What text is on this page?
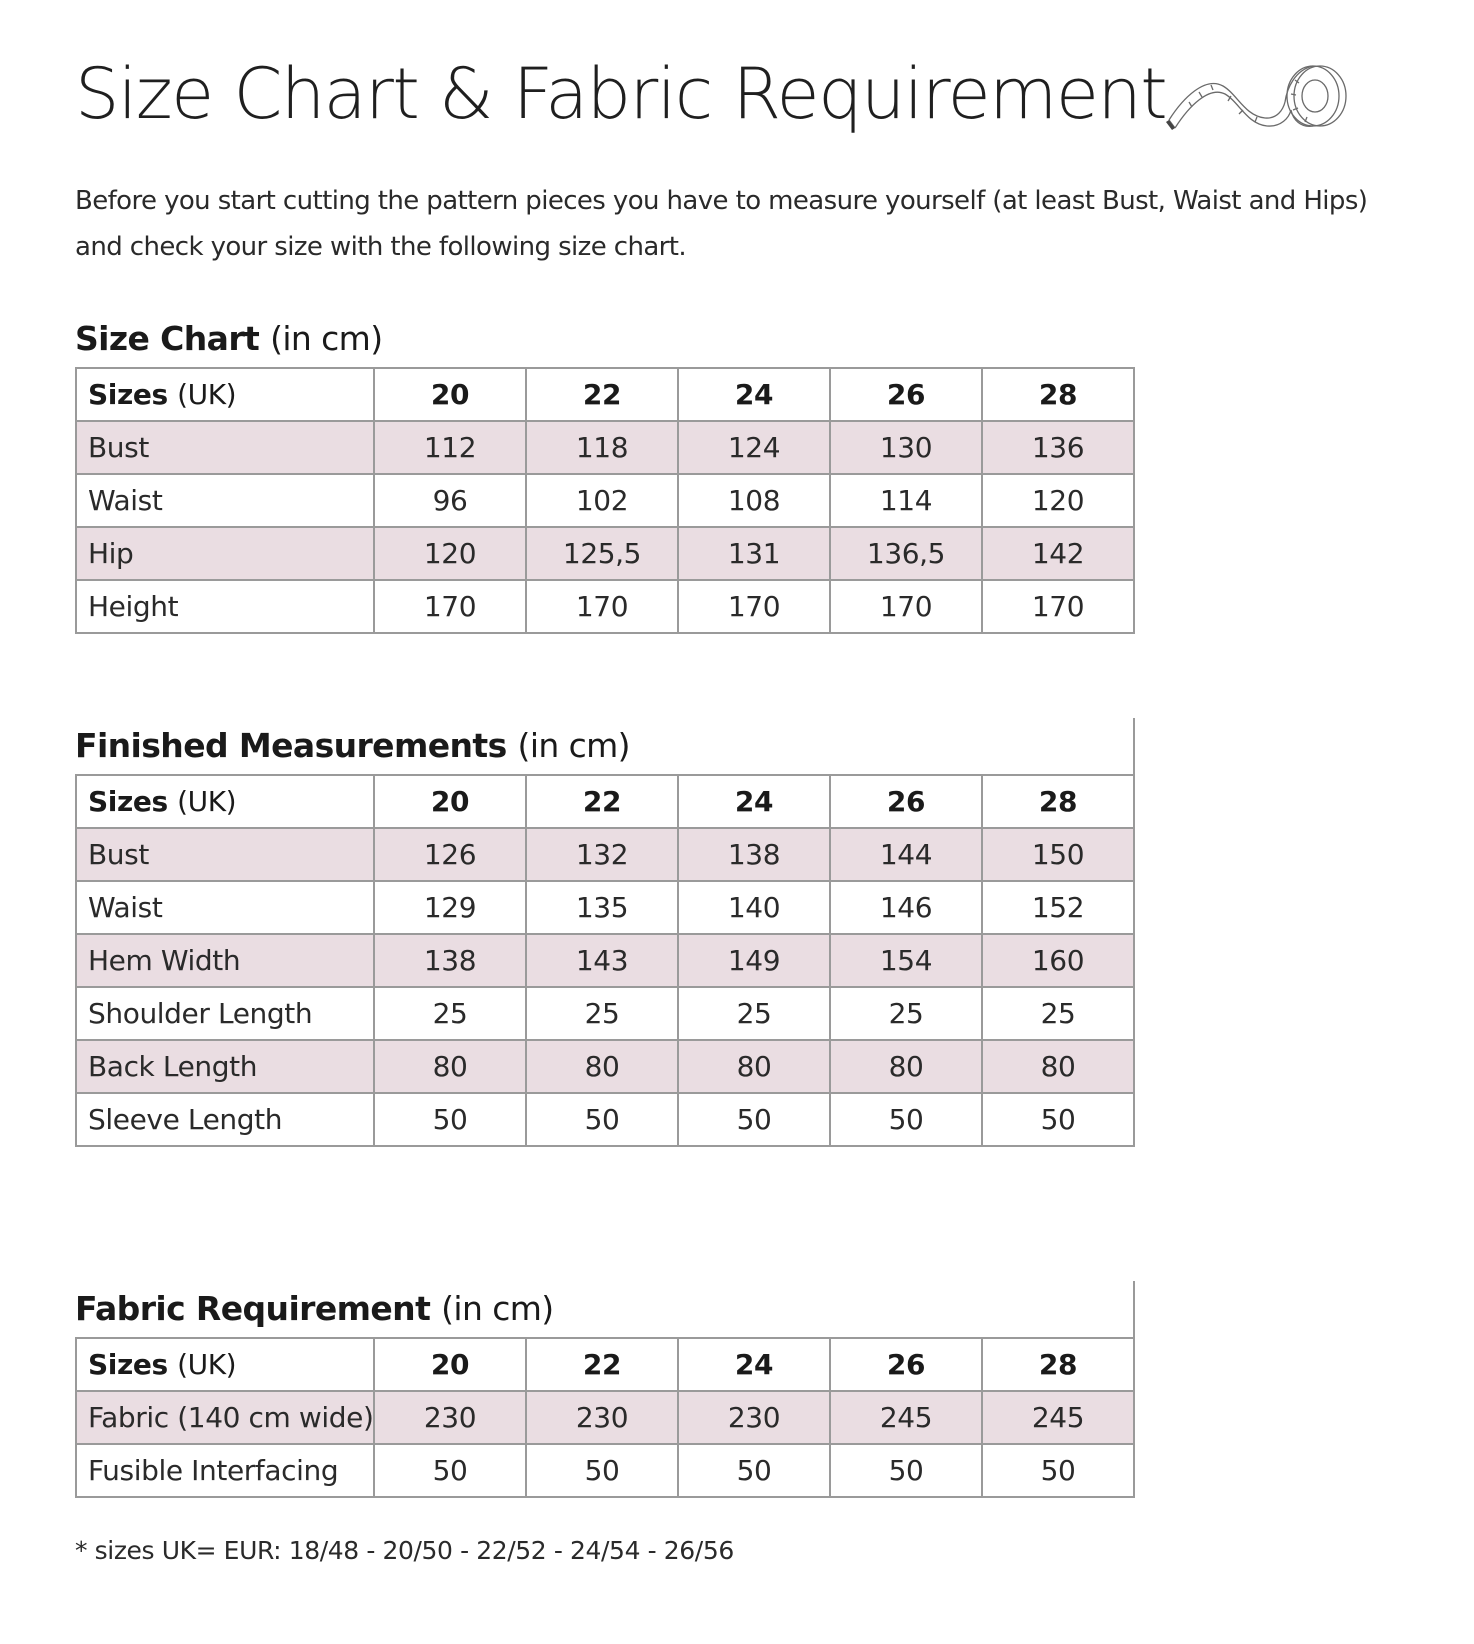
Size Chart & Fabric Requirement

Before you start cutting the pattern pieces you have to measure yourself (at least Bust, Waist and Hips) and check your size with the following size chart.

Size Chart (in cm)
Sizes (UK)	20	22	24	26	28
Bust	112	118	124	130	136
Waist	96	102	108	114	120
Hip	120	125,5	131	136,5	142
Height	170	170	170	170	170
Finished Measurements (in cm)
Sizes (UK)	20	22	24	26	28
Bust	126	132	138	144	150
Waist	129	135	140	146	152
Hem Width	138	143	149	154	160
Shoulder Length	25	25	25	25	25
Back Length	80	80	80	80	80
Sleeve Length	50	50	50	50	50
Fabric Requirement (in cm)
Sizes (UK)	20	22	24	26	28
Fabric (140 cm wide)	230	230	230	245	245
Fusible Interfacing	50	50	50	50	50

* sizes UK= EUR: 18/48 - 20/50 - 22/52 - 24/54 - 26/56
